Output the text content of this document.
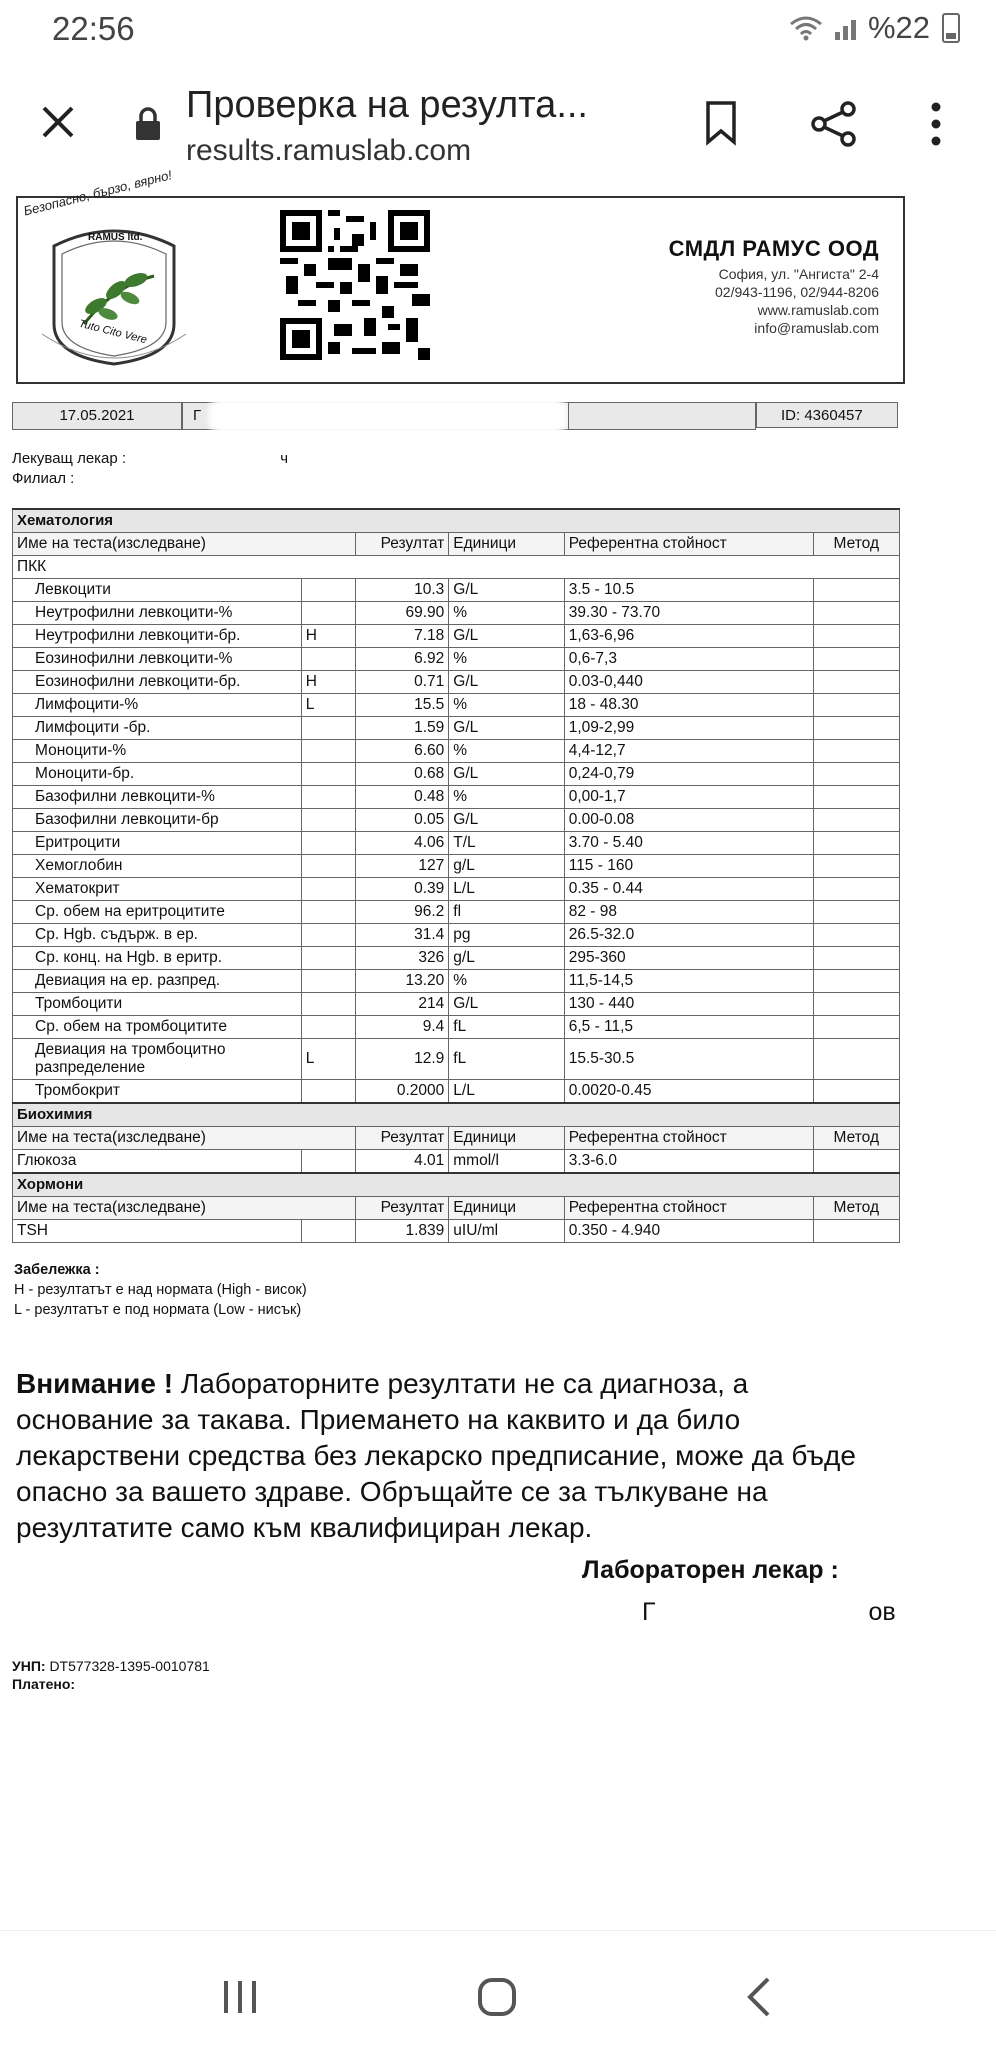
22:56	%22
Проверка на резулта...
results.ramuslab.com
Безопасно, бързо, вярно!
RAMUS ltd.
Tuto Cito Vere
СМДЛ РАМУС ООД
София, ул. "Ангиста" 2-4
02/943-1196, 02/944-8206
www.ramuslab.com
info@ramuslab.com
17.05.2021	Г	ID: 4360457
Лекуващ лекар :	ч
Филиал :
Хематология					
Име на теста(изследване)		Резултат	Единици	Референтна стойност	Метод
ПКК					
Левкоцити		10.3	G/L	3.5 - 10.5	
Неутрофилни левкоцити-%		69.90	%	39.30 - 73.70	
Неутрофилни левкоцити-бр.	H	7.18	G/L	1,63-6,96	
Еозинофилни левкоцити-%		6.92	%	0,6-7,3	
Еозинофилни левкоцити-бр.	H	0.71	G/L	0.03-0,440	
Лимфоцити-%	L	15.5	%	18 - 48.30	
Лимфоцити -бр.		1.59	G/L	1,09-2,99	
Моноцити-%		6.60	%	4,4-12,7	
Моноцити-бр.		0.68	G/L	0,24-0,79	
Базофилни левкоцити-%		0.48	%	0,00-1,7	
Базофилни левкоцити-бр		0.05	G/L	0.00-0.08	
Еритроцити		4.06	T/L	3.70 - 5.40	
Хемоглобин		127	g/L	115 - 160	
Хематокрит		0.39	L/L	0.35 - 0.44	
Ср. обем на еритроцитите		96.2	fl	82 - 98	
Ср. Hgb. съдърж. в ер.		31.4	pg	26.5-32.0	
Ср. конц. на Hgb. в еритр.		326	g/L	295-360	
Девиация на ер. разпред.		13.20	%	11,5-14,5	
Тромбоцити		214	G/L	130 - 440	
Ср. обем на тромбоцитите		9.4	fL	6,5 - 11,5	
Девиация на тромбоцитно разпределение	L	12.9	fL	15.5-30.5	
Тромбокрит		0.2000	L/L	0.0020-0.45	
Биохимия					
Име на теста(изследване)		Резултат	Единици	Референтна стойност	Метод
Глюкоза		4.01	mmol/l	3.3-6.0	
Хормони					
Име на теста(изследване)		Резултат	Единици	Референтна стойност	Метод
TSH		1.839	uIU/ml	0.350 - 4.940	
Забележка :
H - резултатът е над нормата (High - висок)
L - резултатът е под нормата (Low - нисък)
Внимание ! Лабораторните резултати не са диагноза, а основание за такава. Приемането на каквито и да било лекарствени средства без лекарско предписание, може да бъде опасно за вашето здраве. Обръщайте се за тълкуване на резултатите само към квалифициран лекар.
Лабораторен лекар :
Г	ов
УНП: DT577328-1395-0010781
Платено:
